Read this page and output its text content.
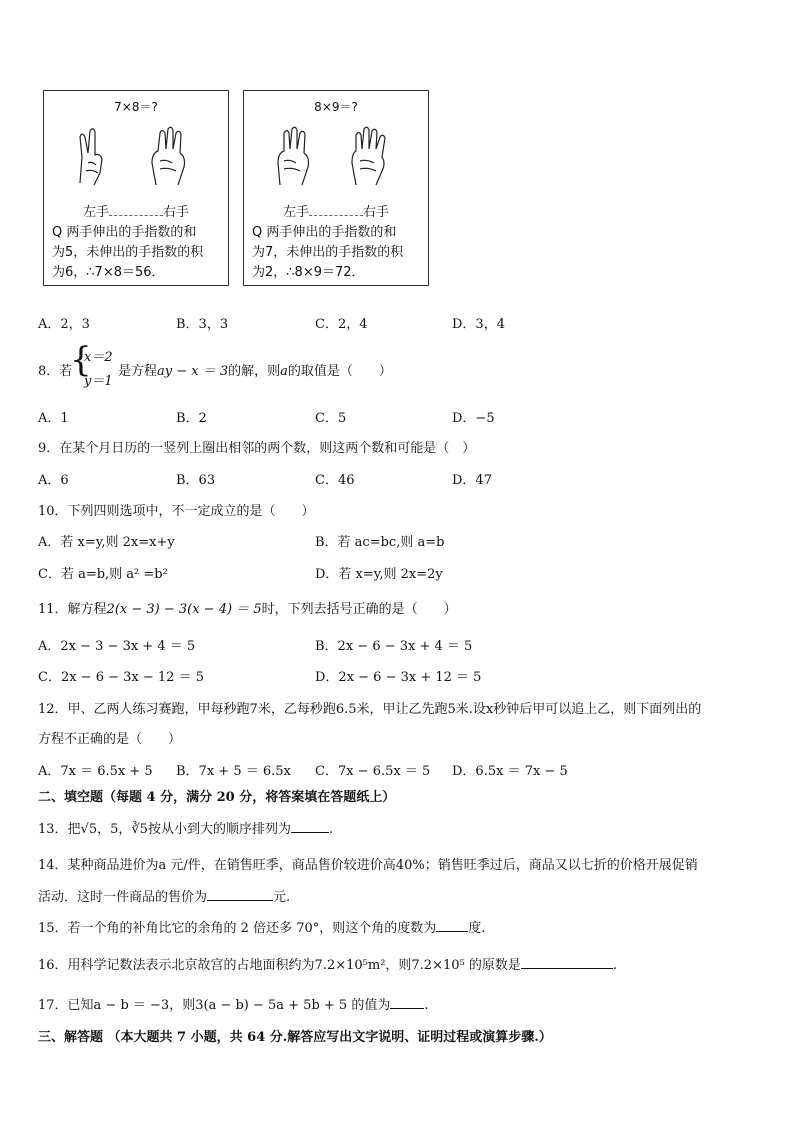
7×8＝?
左手	右手
Q 两手伸出的手指数的和
为5，未伸出的手指数的积
为6，∴7×8＝56．
8×9＝?
左手	右手
Q 两手伸出的手指数的和
为7，未伸出的手指数的积
为2，∴8×9＝72．
A．2，3	B．3，3	C．2，4	D．3，4
8．若
{
x＝2
y＝1
是方程ay − x ＝ 3的解，则a的取值是（　　）
A．1	B．2	C．5	D．−5
9．在某个月日历的一竖列上圈出相邻的两个数，则这两个数和可能是（　）
A．6	B．63	C．46	D．47
10．下列四则选项中，不一定成立的是（　　）
A．若 x=y,则 2x=x+y	B．若 ac=bc,则 a=b
C．若 a=b,则 a² =b²	D．若 x=y,则 2x=2y
11．解方程2(x − 3) − 3(x − 4) ＝ 5时，下列去括号正确的是（　　）
A．2x − 3 − 3x + 4 ＝ 5	B．2x − 6 − 3x + 4 ＝ 5
C．2x − 6 − 3x − 12 ＝ 5	D．2x − 6 − 3x + 12 ＝ 5
12．甲、乙两人练习赛跑，甲每秒跑7米，乙每秒跑6.5米，甲让乙先跑5米.设x秒钟后甲可以追上乙，则下面列出的
方程不正确的是（　　）
A．7x ＝ 6.5x + 5 B．7x + 5 ＝ 6.5x C．7x − 6.5x ＝ 5 D．6.5x ＝ 7x − 5
二、填空题（每题 4 分，满分 20 分，将答案填在答题纸上）
13．把√5，5，∛5按从小到大的顺序排列为	.
14．某种商品进价为a 元/件，在销售旺季，商品售价较进价高40%；销售旺季过后，商品又以七折的价格开展促销
活动．这时一件商品的售价为	元.
15．若一个角的补角比它的余角的 2 倍还多 70°，则这个角的度数为 度.
16．用科学记数法表示北京故宫的占地面积约为7.2×10⁵m²，则7.2×10⁵ 的原数是	.
17．已知a − b ＝ −3，则3(a − b) − 5a + 5b + 5 的值为	.
三、解答题 （本大题共 7 小题，共 64 分.解答应写出文字说明、证明过程或演算步骤.）
